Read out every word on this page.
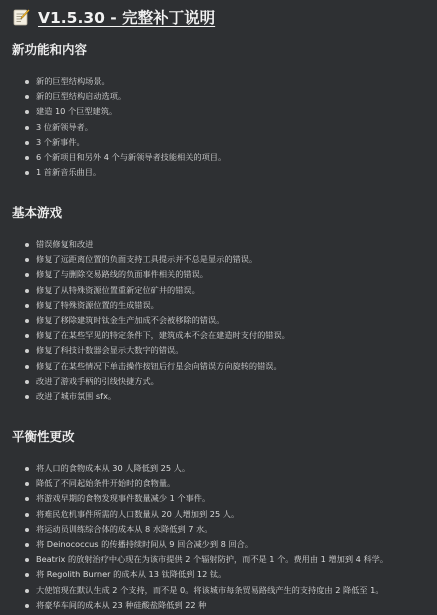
V1.5.30 - 完整补丁说明
新功能和内容
新的巨型结构场景。
新的巨型结构启动选项。
建造 10 个巨型建筑。
3 位新领导者。
3 个新事件。
6 个新项目和另外 4 个与新领导者技能相关的项目。
1 首新音乐曲目。
基本游戏
错误修复和改进
修复了远距离位置的负面支持工具提示并不总是显示的错误。
修复了与删除交易路线的负面事件相关的错误。
修复了从特殊资源位置重新定位矿井的错误。
修复了特殊资源位置的生成错误。
修复了移除建筑时钛金生产加成不会被移除的错误。
修复了在某些罕见的特定条件下，建筑成本不会在建造时支付的错误。
修复了科技计数器会显示大数字的错误。
修复了在某些情况下单击操作按钮后行星会向错误方向旋转的错误。
改进了游戏手柄的引线快捷方式。
改进了城市氛围 sfx。
平衡性更改
将人口的食物成本从 30 人降低到 25 人。
降低了不同起始条件开始时的食物量。
将游戏早期的食物发现事件数量减少 1 个事件。
将难民危机事件所需的人口数量从 20 人增加到 25 人。
将运动员训练综合体的成本从 8 水降低到 7 水。
将 Deinococcus 的传播持续时间从 9 回合减少到 8 回合。
Beatrix 的放射治疗中心现在为该市提供 2 个辐射防护，而不是 1 个。费用由 1 增加到 4 科学。
将 Regolith Burner 的成本从 13 钛降低到 12 钛。
大使馆现在默认生成 2 个支持，而不是 0。将该城市每条贸易路线产生的支持度由 2 降低至 1。
将豪华车间的成本从 23 种硅酸盐降低到 22 种
